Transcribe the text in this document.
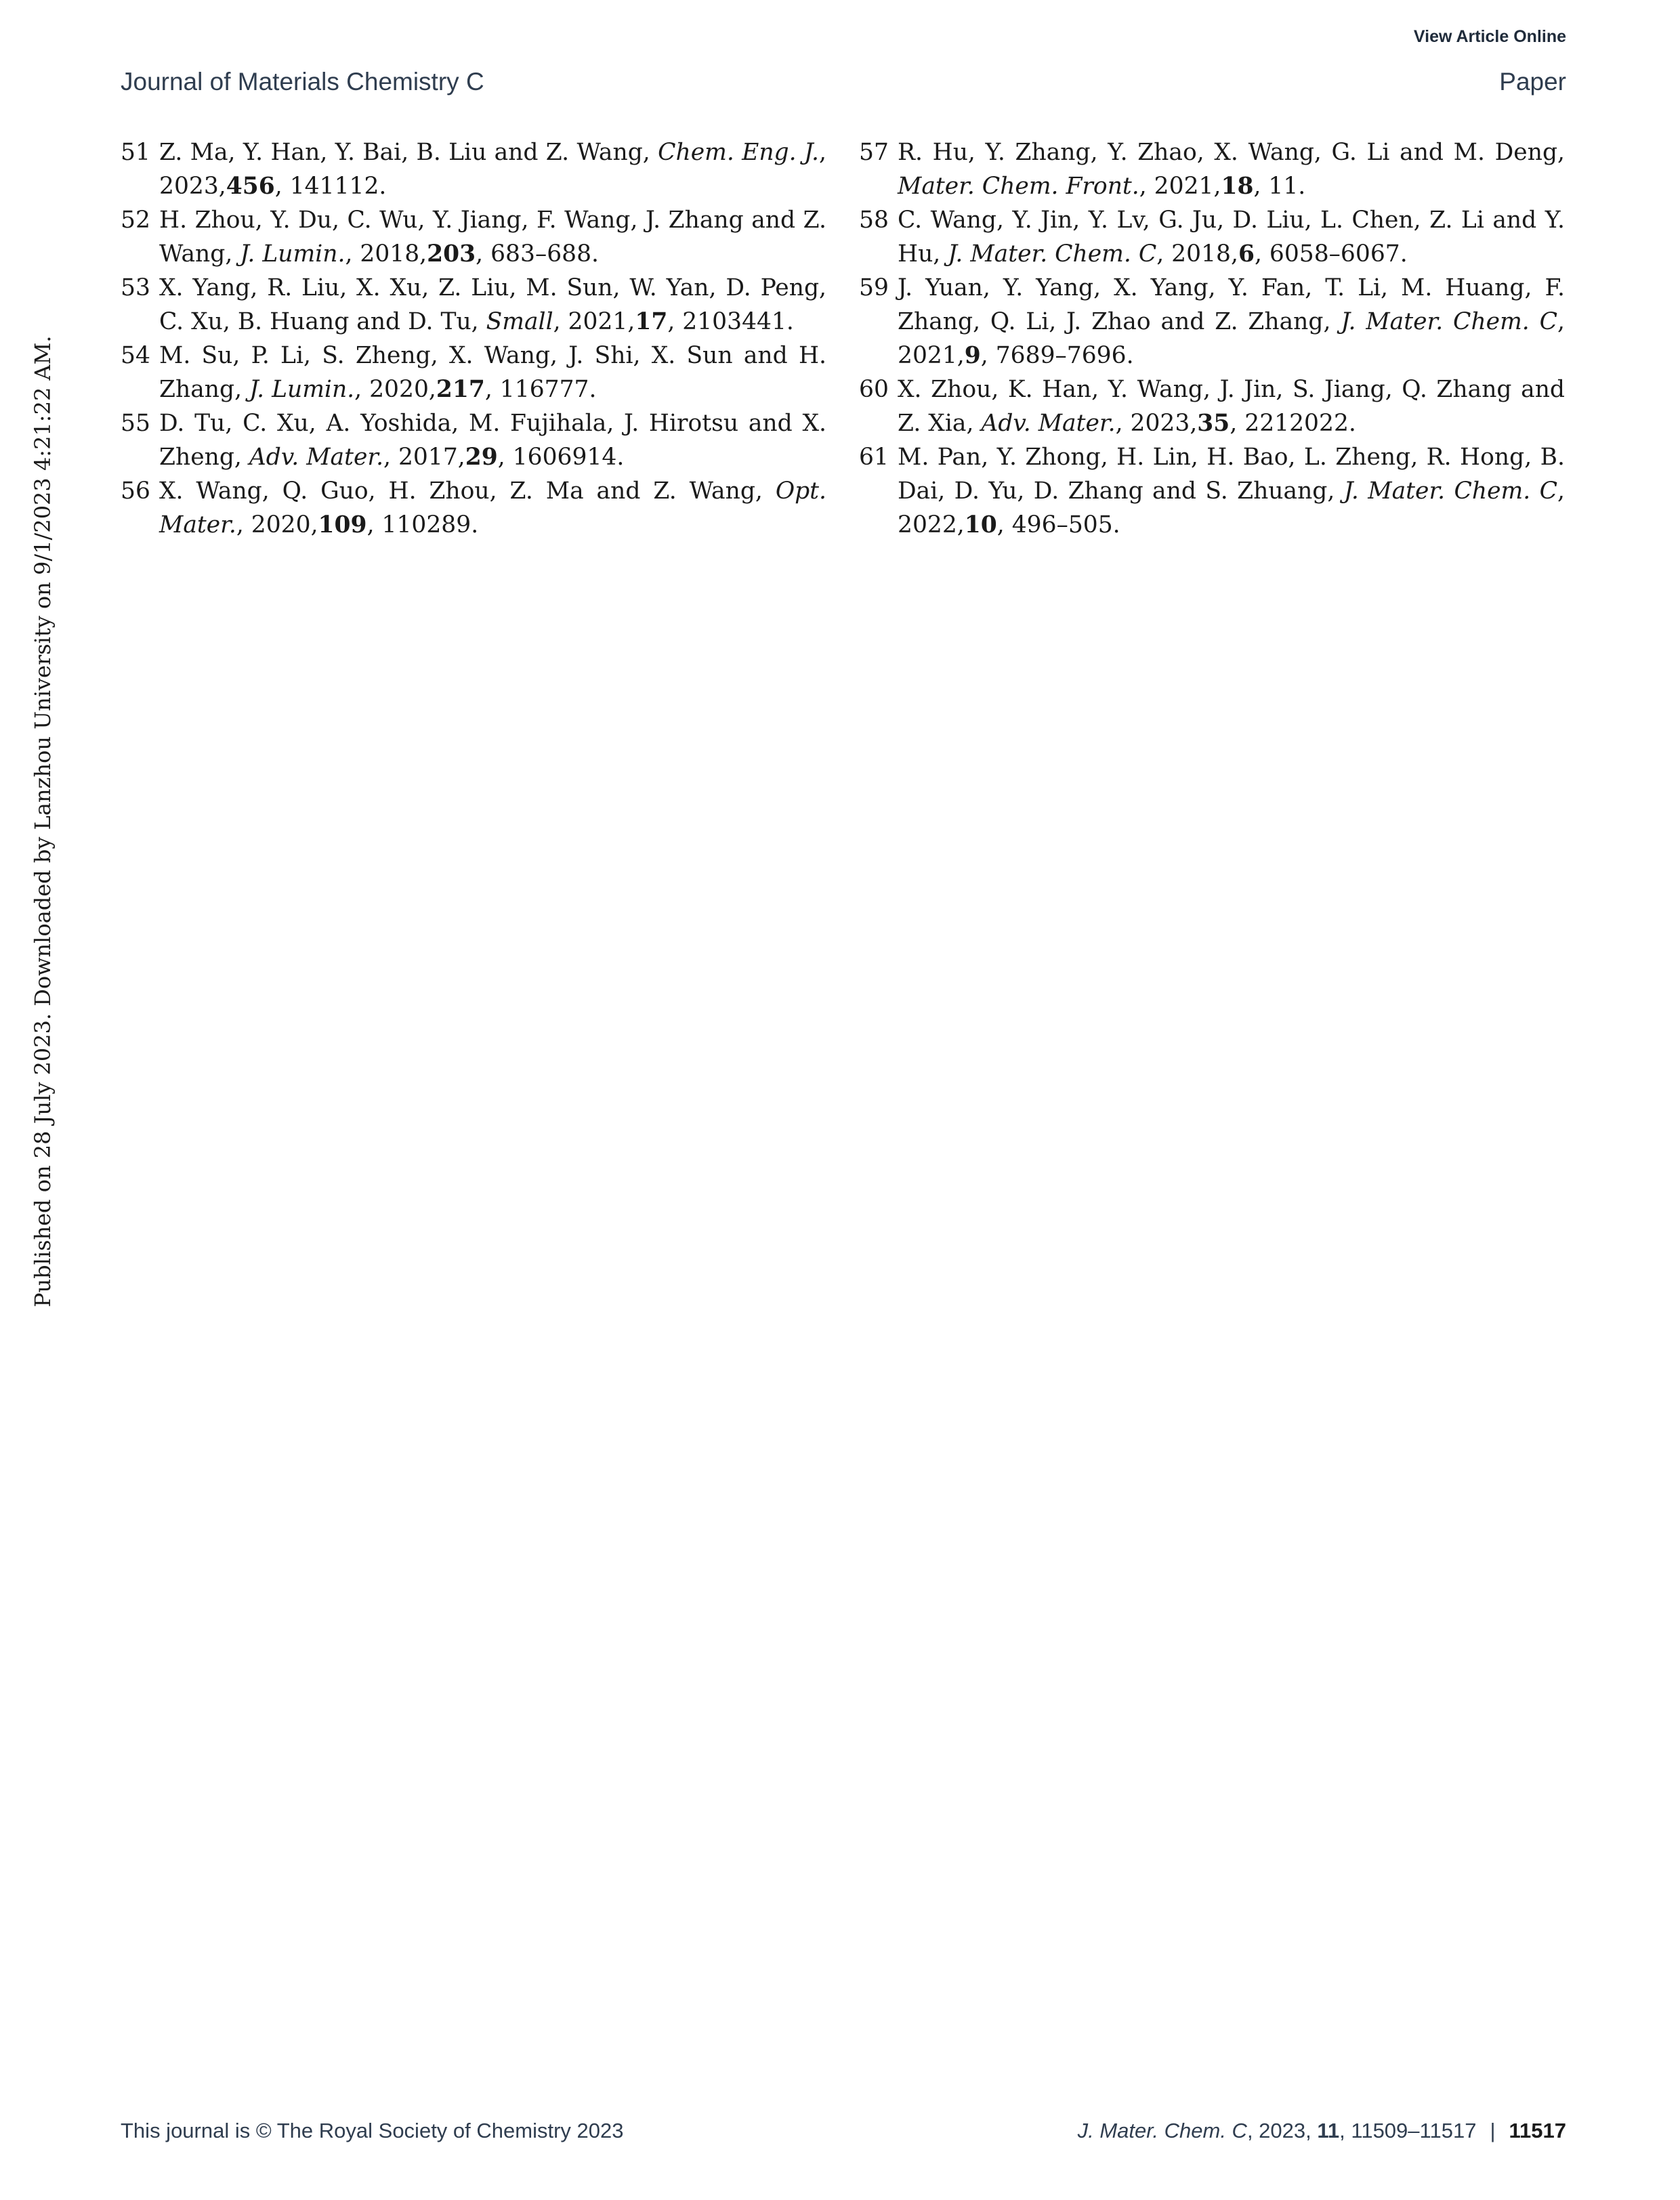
View Article Online
Journal of Materials Chemistry C	Paper
Published on 28 July 2023. Downloaded by Lanzhou University on 9/1/2023 4:21:22 AM.
51 Z. Ma, Y. Han, Y. Bai, B. Liu and Z. Wang, Chem. Eng. J., 2023,456, 141112.
52 H. Zhou, Y. Du, C. Wu, Y. Jiang, F. Wang, J. Zhang and Z. Wang, J. Lumin., 2018,203, 683–688.
53 X. Yang, R. Liu, X. Xu, Z. Liu, M. Sun, W. Yan, D. Peng, C. Xu, B. Huang and D. Tu, Small, 2021,17, 2103441.
54 M. Su, P. Li, S. Zheng, X. Wang, J. Shi, X. Sun and H. Zhang, J. Lumin., 2020,217, 116777.
55 D. Tu, C. Xu, A. Yoshida, M. Fujihala, J. Hirotsu and X. Zheng, Adv. Mater., 2017,29, 1606914.
56 X. Wang, Q. Guo, H. Zhou, Z. Ma and Z. Wang, Opt. Mater., 2020,109, 110289.
57 R. Hu, Y. Zhang, Y. Zhao, X. Wang, G. Li and M. Deng, Mater. Chem. Front., 2021,18, 11.
58 C. Wang, Y. Jin, Y. Lv, G. Ju, D. Liu, L. Chen, Z. Li and Y. Hu, J. Mater. Chem. C, 2018,6, 6058–6067.
59 J. Yuan, Y. Yang, X. Yang, Y. Fan, T. Li, M. Huang, F. Zhang, Q. Li, J. Zhao and Z. Zhang, J. Mater. Chem. C, 2021,9, 7689–7696.
60 X. Zhou, K. Han, Y. Wang, J. Jin, S. Jiang, Q. Zhang and Z. Xia, Adv. Mater., 2023,35, 2212022.
61 M. Pan, Y. Zhong, H. Lin, H. Bao, L. Zheng, R. Hong, B. Dai, D. Yu, D. Zhang and S. Zhuang, J. Mater. Chem. C, 2022,10, 496–505.
This journal is © The Royal Society of Chemistry 2023	J. Mater. Chem. C, 2023, 11, 11509–11517 | 11517
